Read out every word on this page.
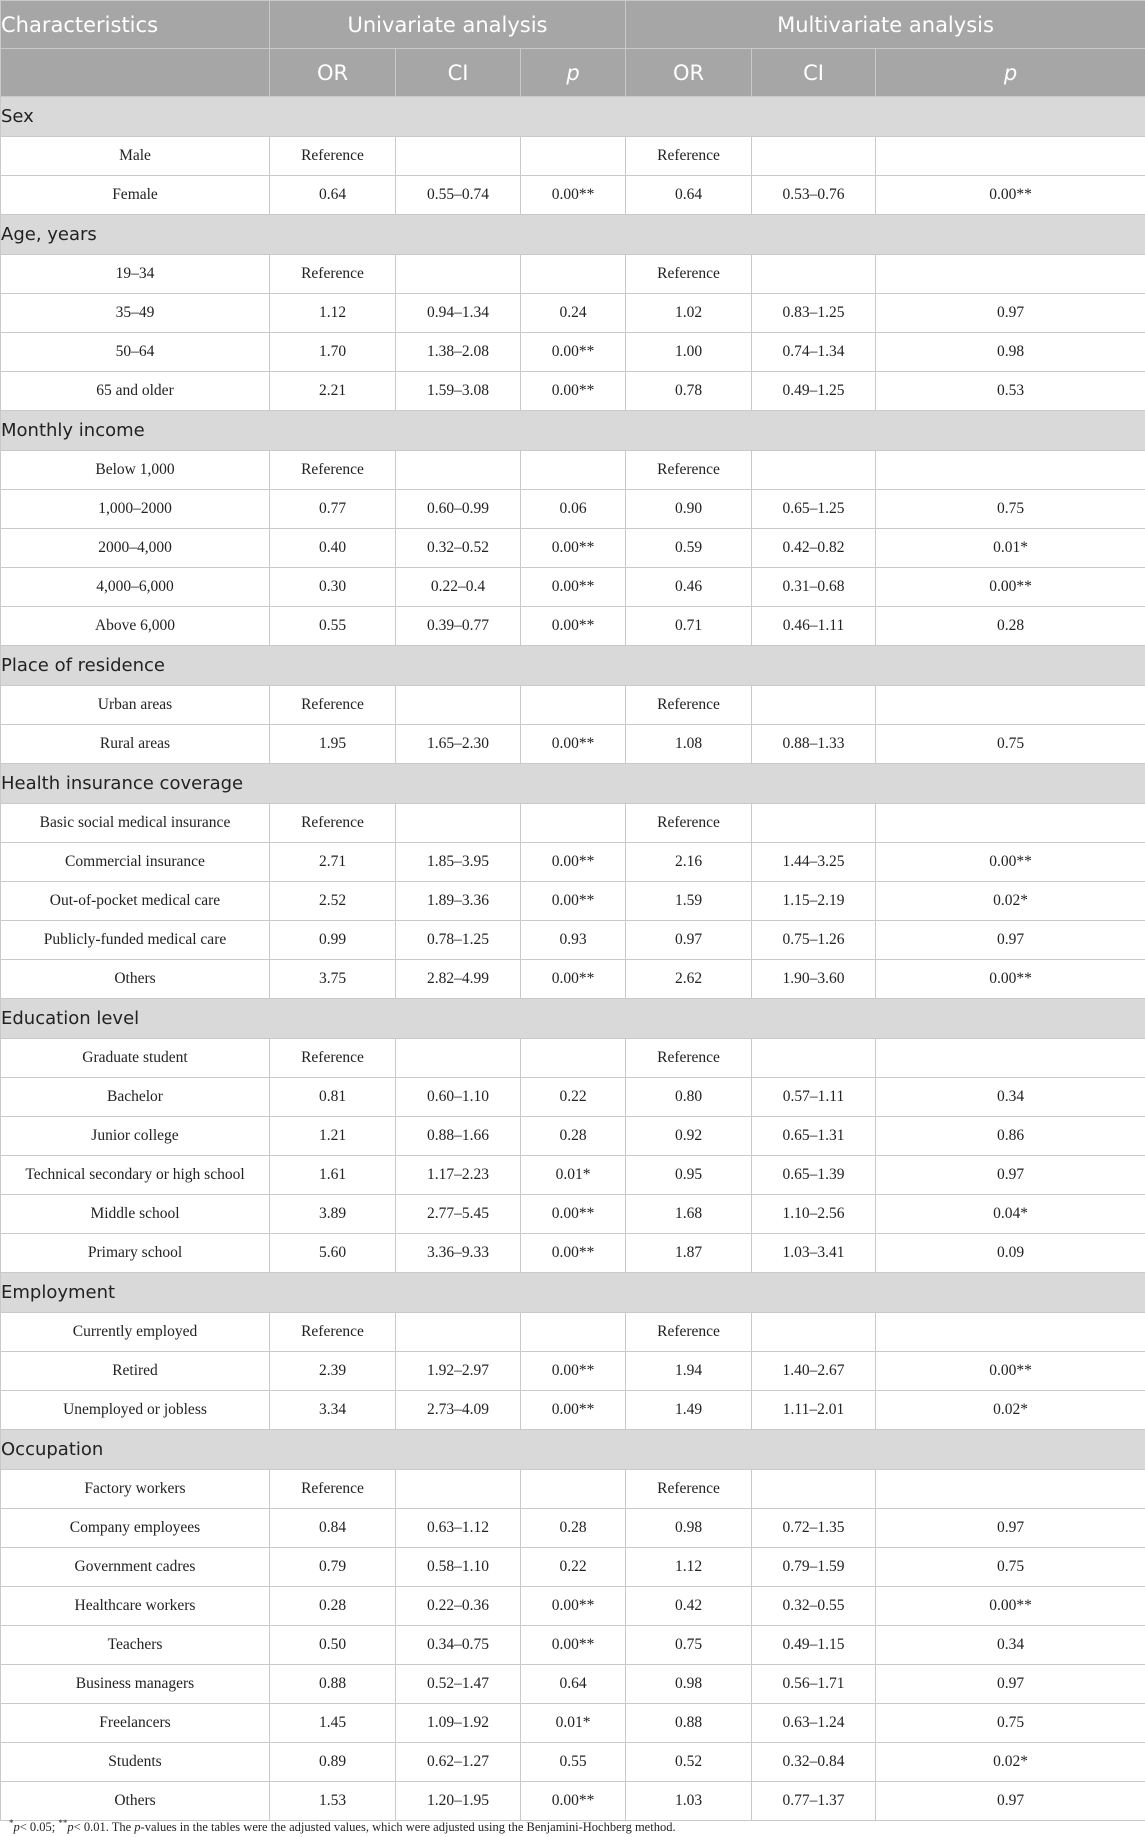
Characteristics	Univariate analysis			Multivariate analysis		
	OR	CI	p	OR	CI	p
Sex						
Male	Reference			Reference		
Female	0.64	0.55–0.74	0.00**	0.64	0.53–0.76	0.00**
Age, years						
19–34	Reference			Reference		
35–49	1.12	0.94–1.34	0.24	1.02	0.83–1.25	0.97
50–64	1.70	1.38–2.08	0.00**	1.00	0.74–1.34	0.98
65 and older	2.21	1.59–3.08	0.00**	0.78	0.49–1.25	0.53
Monthly income						
Below 1,000	Reference			Reference		
1,000–2000	0.77	0.60–0.99	0.06	0.90	0.65–1.25	0.75
2000–4,000	0.40	0.32–0.52	0.00**	0.59	0.42–0.82	0.01*
4,000–6,000	0.30	0.22–0.4	0.00**	0.46	0.31–0.68	0.00**
Above 6,000	0.55	0.39–0.77	0.00**	0.71	0.46–1.11	0.28
Place of residence						
Urban areas	Reference			Reference		
Rural areas	1.95	1.65–2.30	0.00**	1.08	0.88–1.33	0.75
Health insurance coverage						
Basic social medical insurance	Reference			Reference		
Commercial insurance	2.71	1.85–3.95	0.00**	2.16	1.44–3.25	0.00**
Out-of-pocket medical care	2.52	1.89–3.36	0.00**	1.59	1.15–2.19	0.02*
Publicly-funded medical care	0.99	0.78–1.25	0.93	0.97	0.75–1.26	0.97
Others	3.75	2.82–4.99	0.00**	2.62	1.90–3.60	0.00**
Education level						
Graduate student	Reference			Reference		
Bachelor	0.81	0.60–1.10	0.22	0.80	0.57–1.11	0.34
Junior college	1.21	0.88–1.66	0.28	0.92	0.65–1.31	0.86
Technical secondary or high school	1.61	1.17–2.23	0.01*	0.95	0.65–1.39	0.97
Middle school	3.89	2.77–5.45	0.00**	1.68	1.10–2.56	0.04*
Primary school	5.60	3.36–9.33	0.00**	1.87	1.03–3.41	0.09
Employment						
Currently employed	Reference			Reference		
Retired	2.39	1.92–2.97	0.00**	1.94	1.40–2.67	0.00**
Unemployed or jobless	3.34	2.73–4.09	0.00**	1.49	1.11–2.01	0.02*
Occupation						
Factory workers	Reference			Reference		
Company employees	0.84	0.63–1.12	0.28	0.98	0.72–1.35	0.97
Government cadres	0.79	0.58–1.10	0.22	1.12	0.79–1.59	0.75
Healthcare workers	0.28	0.22–0.36	0.00**	0.42	0.32–0.55	0.00**
Teachers	0.50	0.34–0.75	0.00**	0.75	0.49–1.15	0.34
Business managers	0.88	0.52–1.47	0.64	0.98	0.56–1.71	0.97
Freelancers	1.45	1.09–1.92	0.01*	0.88	0.63–1.24	0.75
Students	0.89	0.62–1.27	0.55	0.52	0.32–0.84	0.02*
Others	1.53	1.20–1.95	0.00**	1.03	0.77–1.37	0.97
*p< 0.05; **p< 0.01. The p-values in the tables were the adjusted values, which were adjusted using the Benjamini-Hochberg method.
